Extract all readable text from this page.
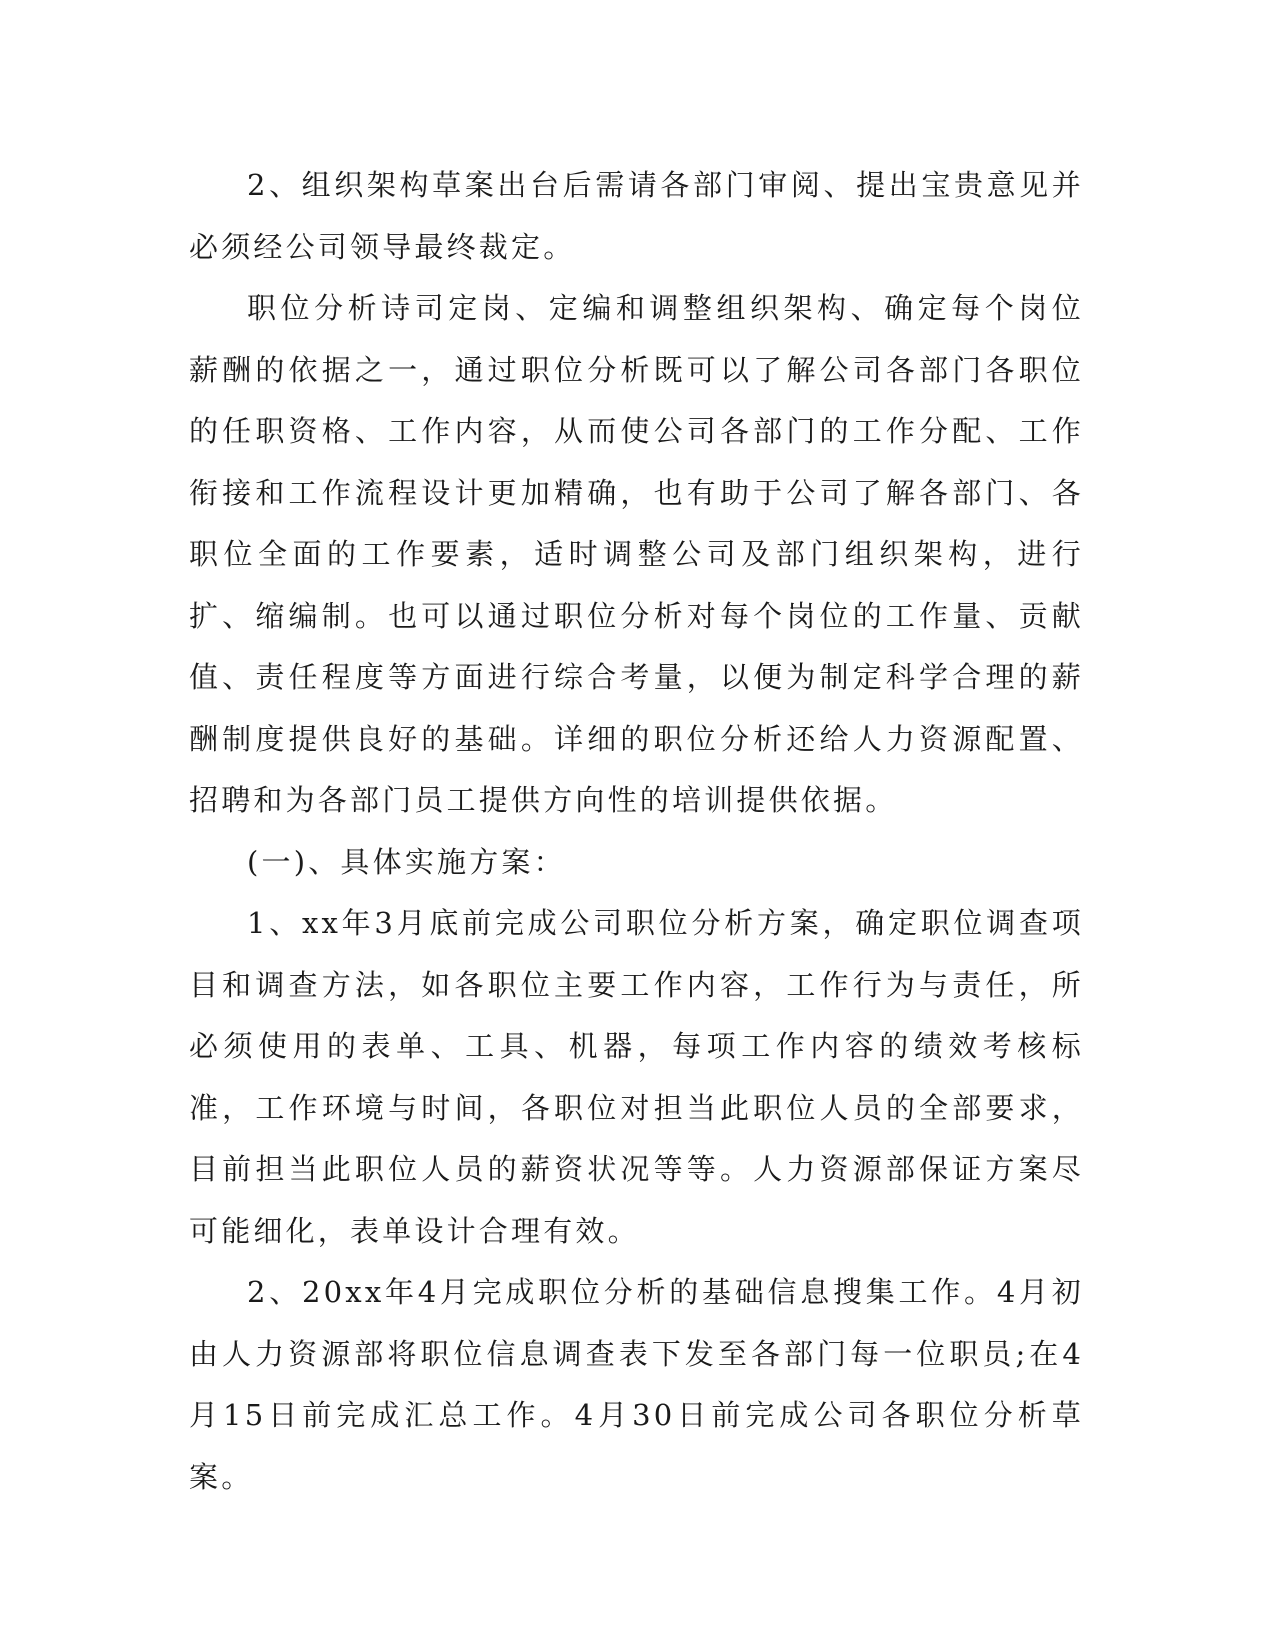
2、组织架构草案出台后需请各部门审阅、提出宝贵意见并必须经公司领导最终裁定。

职位分析诗司定岗、定编和调整组织架构、确定每个岗位薪酬的依据之一，通过职位分析既可以了解公司各部门各职位的任职资格、工作内容，从而使公司各部门的工作分配、工作衔接和工作流程设计更加精确，也有助于公司了解各部门、各职位全面的工作要素，适时调整公司及部门组织架构，进行扩、缩编制。也可以通过职位分析对每个岗位的工作量、贡献值、责任程度等方面进行综合考量，以便为制定科学合理的薪酬制度提供良好的基础。详细的职位分析还给人力资源配置、招聘和为各部门员工提供方向性的培训提供依据。

(一)、具体实施方案：

1、xx年3月底前完成公司职位分析方案，确定职位调查项目和调查方法，如各职位主要工作内容，工作行为与责任，所必须使用的表单、工具、机器，每项工作内容的绩效考核标准，工作环境与时间，各职位对担当此职位人员的全部要求，目前担当此职位人员的薪资状况等等。人力资源部保证方案尽可能细化，表单设计合理有效。

2、20xx年4月完成职位分析的基础信息搜集工作。4月初由人力资源部将职位信息调查表下发至各部门每一位职员;在4月15日前完成汇总工作。4月30日前完成公司各职位分析草案。
